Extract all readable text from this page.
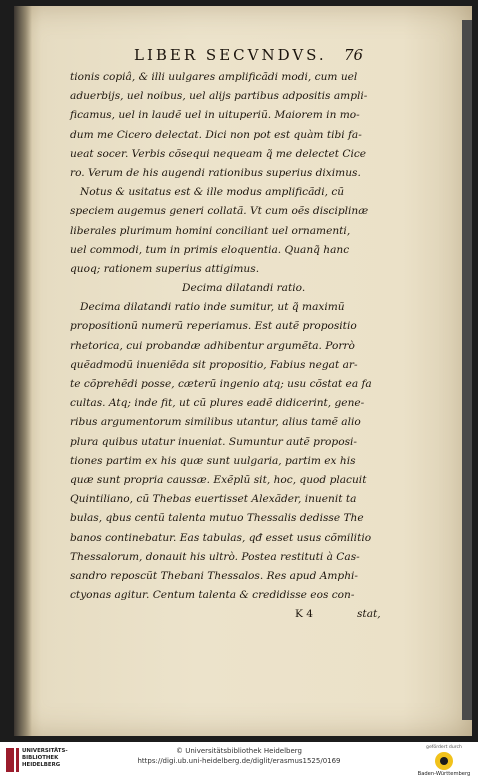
LIBER SECVNDVS. 76
tionis copiâ, & illi uulgares amplificãdi modi, cum uel
aduerbijs, uel noibus, uel alijs partibus adpositis ampli-
ficamus, uel in laudẽ uel in uituperiũ. Maiorem in mo-
dum me Cicero delectat. Dici non pot est quàm tibi fa-
ueat socer. Verbis cõsequi nequeam q̃ me delectet Cice
ro. Verum de his augendi rationibus superius diximus.
Notus & usitatus est & ille modus amplificãdi, cũ
speciem augemus generi collatã. Vt cum oẽs disciplinæ
liberales plurimum homini conciliant uel ornamenti,
uel commodi, tum in primis eloquentia. Quanq̃ hanc
quoq; rationem superius attigimus.
Decima dilatandi ratio.
Decima dilatandi ratio inde sumitur, ut q̃ maximũ
propositionũ numerũ reperiamus. Est autẽ propositio
rhetorica, cui probandæ adhibentur argumẽta. Porrò
quẽadmodũ inueniẽda sit propositio, Fabius negat ar-
te cõprehẽdi posse, cæterũ ingenio atq; usu cõstat ea fa
cultas. Atq; inde fit, ut cũ plures eadẽ didicerint, gene-
ribus argumentorum similibus utantur, alius tamẽ alio
plura quibus utatur inueniat. Sumuntur autẽ proposi-
tiones partim ex his quæ sunt uulgaria, partim ex his
quæ sunt propria caussæ. Exẽplũ sit, hoc, quod placuit
Quintiliano, cũ Thebas euertisset Alexãder, inuenit ta
bulas, qbus centũ talenta mutuo Thessalis dedisse The
banos continebatur. Eas tabulas, qđ esset usus cõmilitio
Thessalorum, donauit his ultrò. Postea restituti à Cas-
sandro reposcũt Thebani Thessalos. Res apud Amphi-
ctyonas agitur. Centum talenta & credidisse eos con-
K 4	stat,
UNIVERSITÄTS-
BIBLIOTHEK
HEIDELBERG
© Universitätsbibliothek Heidelberg
https://digi.ub.uni-heidelberg.de/diglit/erasmus1525/0169
gefördert durch
Baden-Württemberg
